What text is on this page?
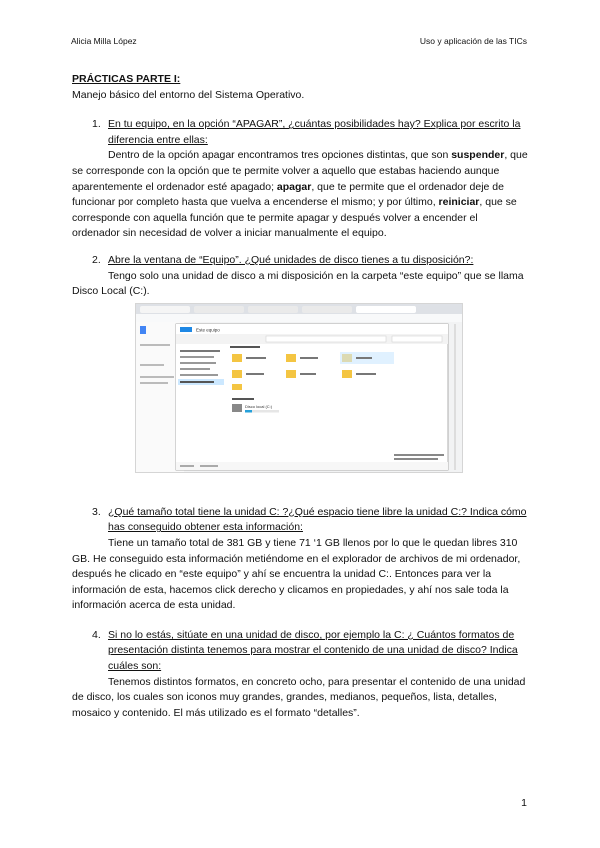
Alicia Milla López	Uso y aplicación de las TICs
PRÁCTICAS PARTE I:
Manejo básico del entorno del Sistema Operativo.
1. En tu equipo, en la opción “APAGAR”, ¿cuántas posibilidades hay? Explica por escrito la diferencia entre ellas:

Dentro de la opción apagar encontramos tres opciones distintas, que son suspender, que se corresponde con la opción que te permite volver a aquello que estabas haciendo aunque aparentemente el ordenador esté apagado; apagar, que te permite que el ordenador deje de funcionar por completo hasta que vuelva a encenderse el mismo; y por último, reiniciar, que se corresponde con aquella función que te permite apagar y después volver a encender el ordenador sin necesidad de volver a iniciar manualmente el equipo.

2. Abre la ventana de “Equipo”. ¿Qué unidades de disco tienes a tu disposición?:

Tengo solo una unidad de disco a mi disposición en la carpeta “este equipo” que se llama Disco Local (C:).

Este equipo
Disco local (C:)
3. ¿Qué tamaño total tiene la unidad C: ?¿Qué espacio tiene libre la unidad C:? Indica cómo has conseguido obtener esta información:

Tiene un tamaño total de 381 GB y tiene 71 ‘1 GB llenos por lo que le quedan libres 310 GB. He conseguido esta información metiéndome en el explorador de archivos de mi ordenador, después he clicado en “este equipo” y ahí se encuentra la unidad C:. Entonces para ver la información de esta, hacemos click derecho y clicamos en propiedades, y ahí nos sale toda la información acerca de esta unidad.

4. Si no lo estás, sitúate en una unidad de disco, por ejemplo la C: ¿ Cuántos formatos de presentación distinta tenemos para mostrar el contenido de una unidad de disco? Indica cuáles son:

Tenemos distintos formatos, en concreto ocho, para presentar el contenido de una unidad de disco, los cuales son iconos muy grandes, grandes, medianos, pequeños, lista, detalles, mosaico y contenido. El más utilizado es el formato “detalles”.

1
